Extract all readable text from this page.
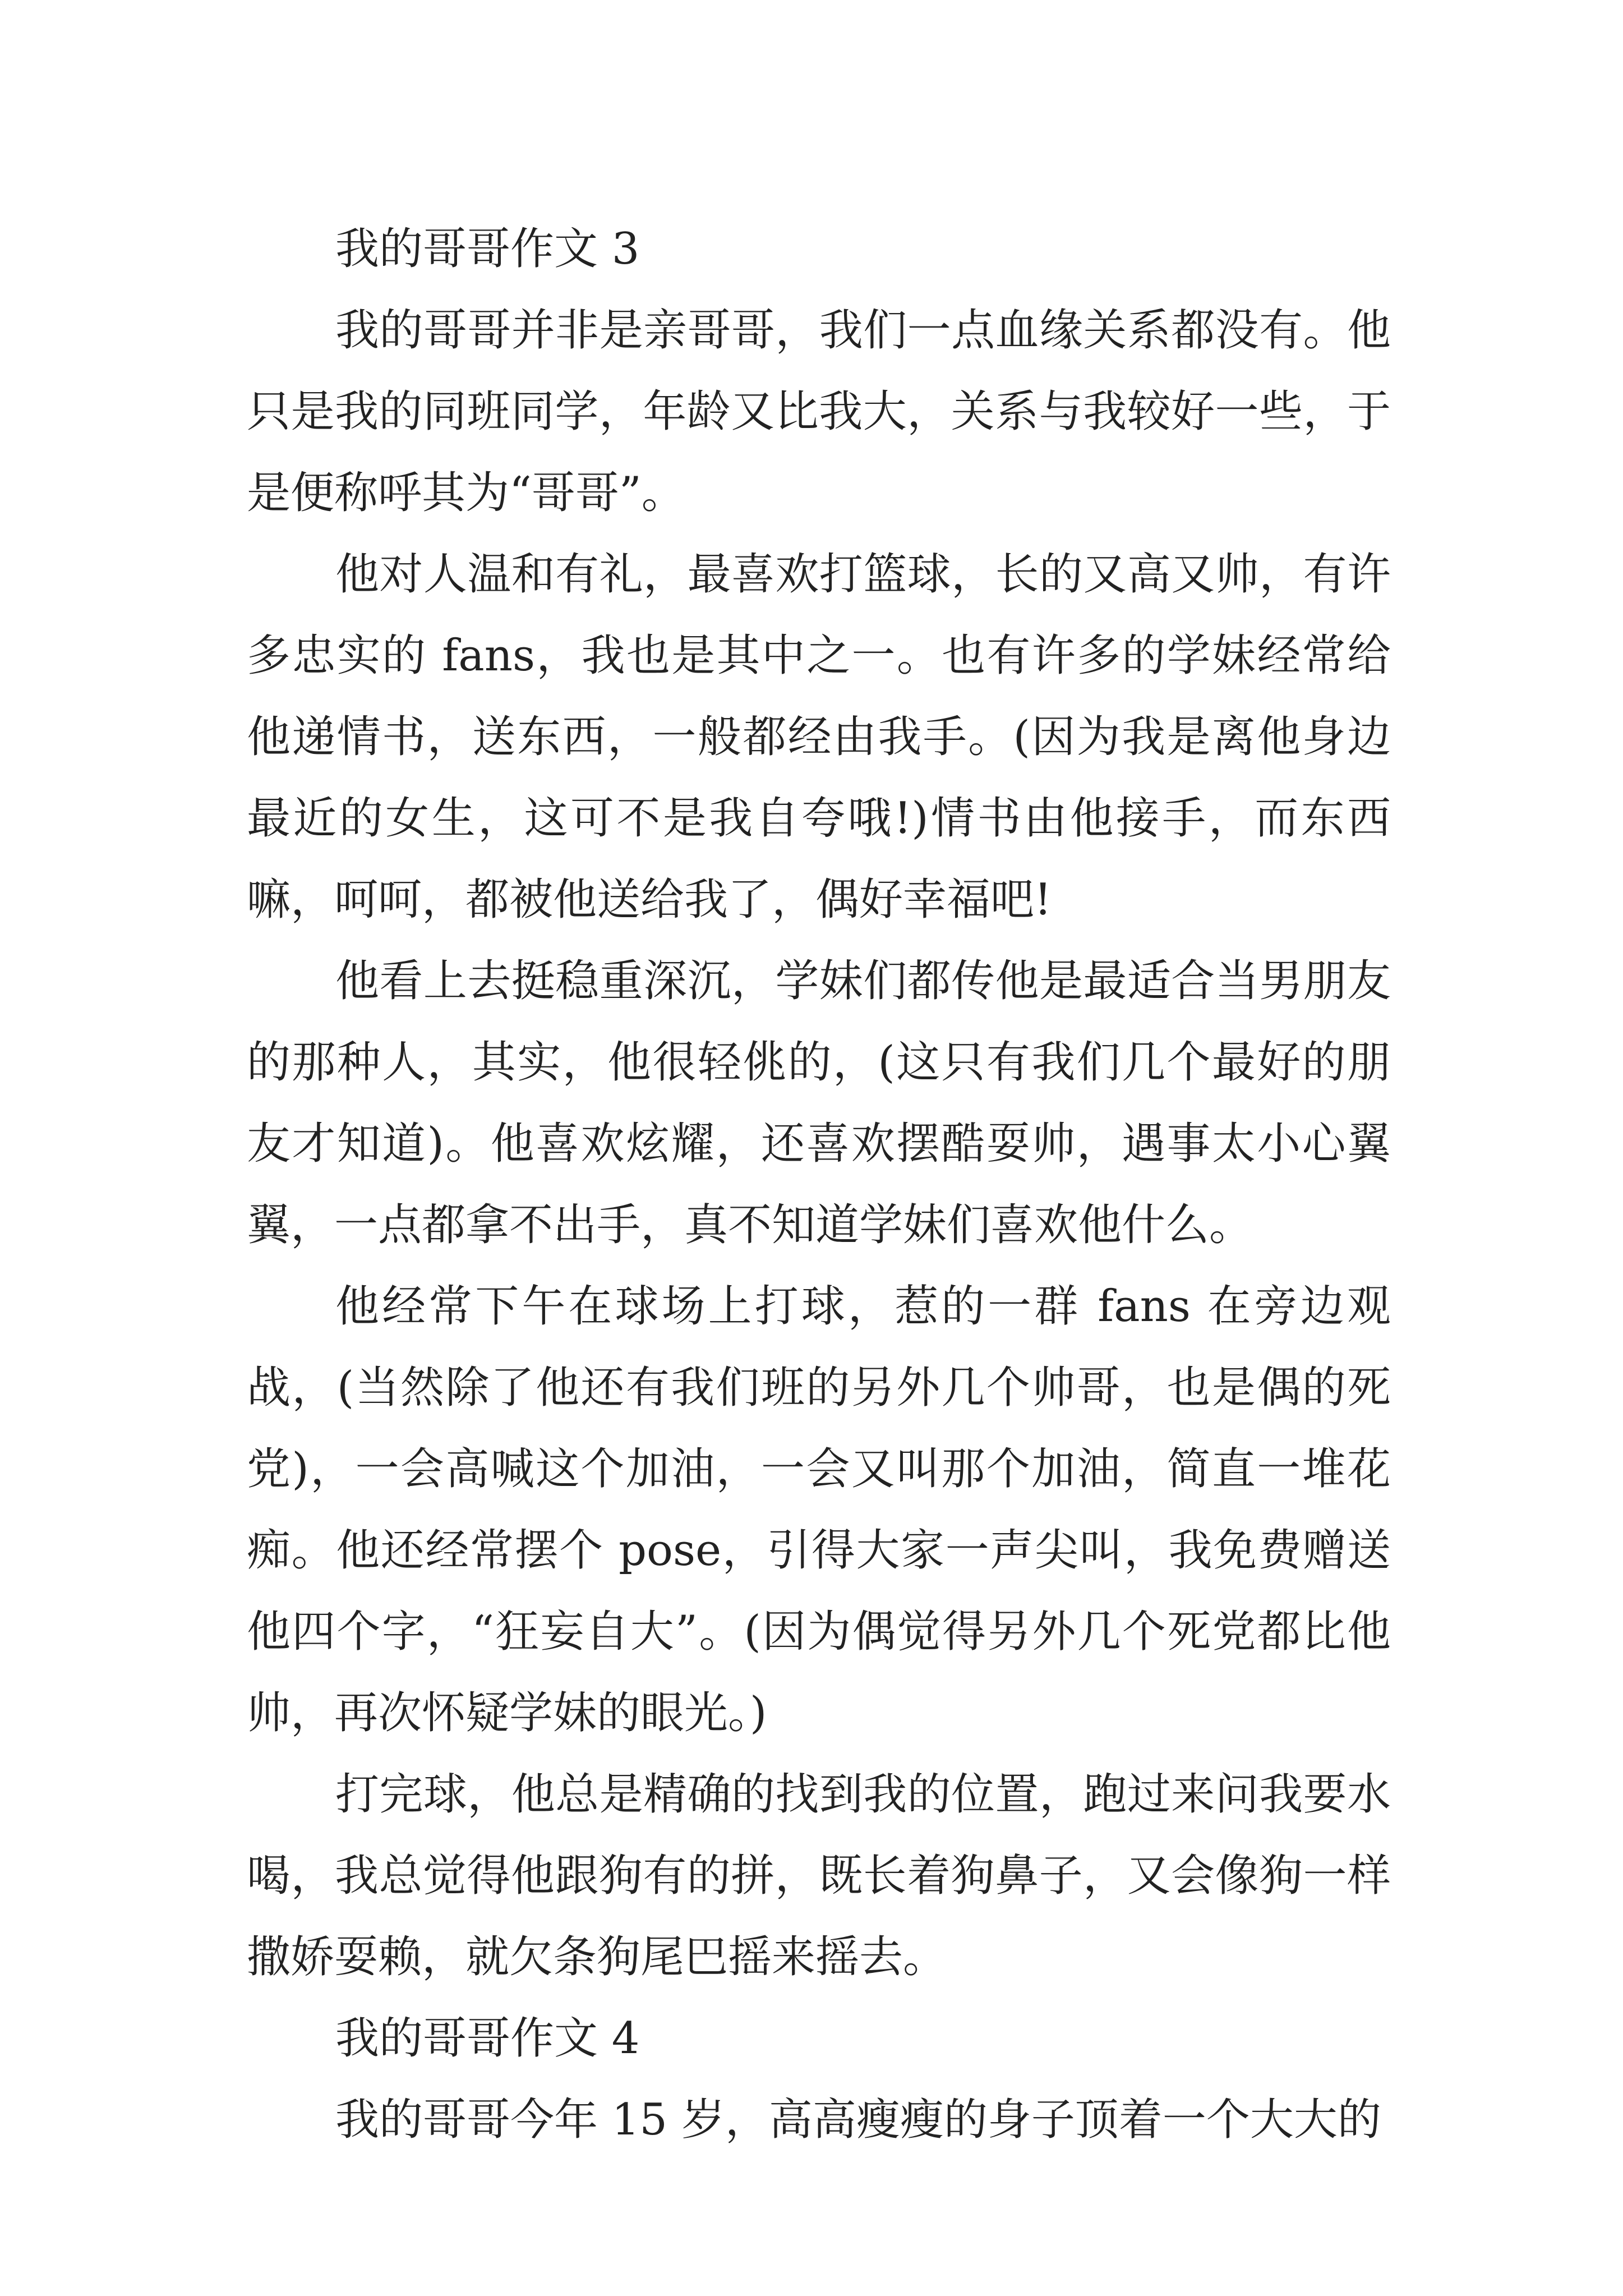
我的哥哥作文 3

我的哥哥并非是亲哥哥，我们一点血缘关系都没有。他只是我的同班同学，年龄又比我大，关系与我较好一些，于是便称呼其为“哥哥”。

他对人温和有礼，最喜欢打篮球，长的又高又帅，有许多忠实的 fans，我也是其中之一。也有许多的学妹经常给他递情书，送东西，一般都经由我手。(因为我是离他身边最近的女生，这可不是我自夸哦!)情书由他接手，而东西嘛，呵呵，都被他送给我了，偶好幸福吧!

他看上去挺稳重深沉，学妹们都传他是最适合当男朋友的那种人，其实，他很轻佻的，(这只有我们几个最好的朋友才知道)。他喜欢炫耀，还喜欢摆酷耍帅，遇事太小心翼翼，一点都拿不出手，真不知道学妹们喜欢他什么。

他经常下午在球场上打球，惹的一群 fans 在旁边观战，(当然除了他还有我们班的另外几个帅哥，也是偶的死党)，一会高喊这个加油，一会又叫那个加油，简直一堆花痴。他还经常摆个 pose，引得大家一声尖叫，我免费赠送他四个字，“狂妄自大”。(因为偶觉得另外几个死党都比他帅，再次怀疑学妹的眼光。)

打完球，他总是精确的找到我的位置，跑过来问我要水喝，我总觉得他跟狗有的拼，既长着狗鼻子，又会像狗一样撒娇耍赖，就欠条狗尾巴摇来摇去。

我的哥哥作文 4

我的哥哥今年 15 岁，高高瘦瘦的身子顶着一个大大的
